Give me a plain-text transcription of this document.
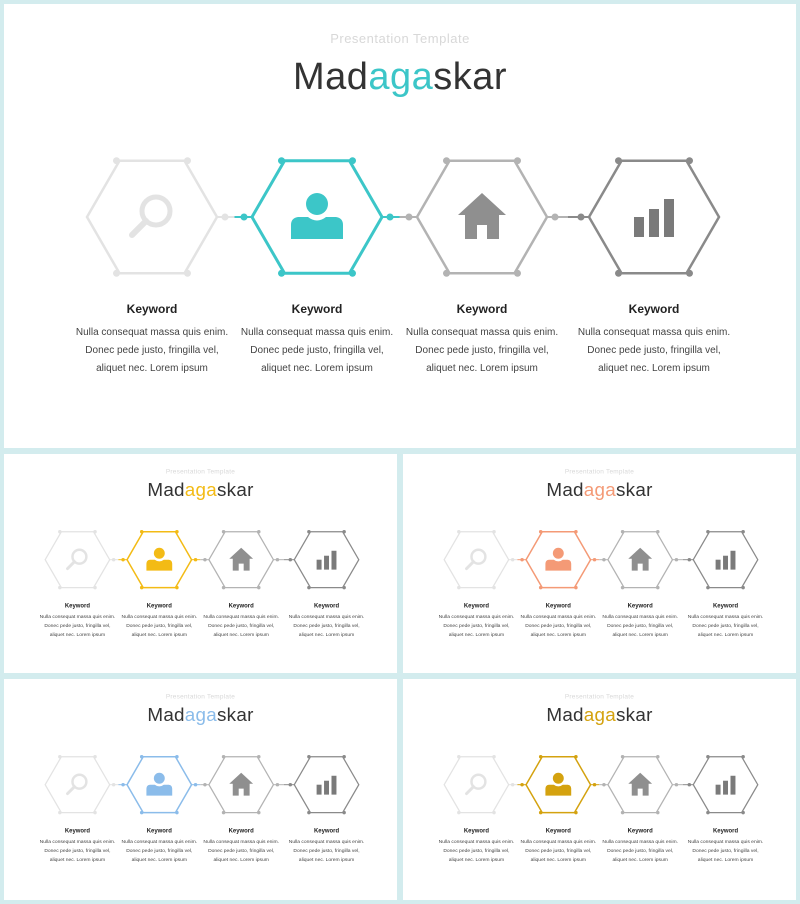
Presentation Template
Madagaskar
Keyword
Nulla consequat massa quis enim. Donec pede justo, fringilla vel, aliquet nec. Lorem ipsum
Keyword
Nulla consequat massa quis enim. Donec pede justo, fringilla vel, aliquet nec. Lorem ipsum
Keyword
Nulla consequat massa quis enim. Donec pede justo, fringilla vel, aliquet nec. Lorem ipsum
Keyword
Nulla consequat massa quis enim. Donec pede justo, fringilla vel, aliquet nec. Lorem ipsum
Presentation Template
Madagaskar
Keyword
Nulla consequat massa quis enim. Donec pede justo, fringilla vel, aliquet nec. Lorem ipsum
Keyword
Nulla consequat massa quis enim. Donec pede justo, fringilla vel, aliquet nec. Lorem ipsum
Keyword
Nulla consequat massa quis enim. Donec pede justo, fringilla vel, aliquet nec. Lorem ipsum
Keyword
Nulla consequat massa quis enim. Donec pede justo, fringilla vel, aliquet nec. Lorem ipsum
Presentation Template
Madagaskar
Keyword
Nulla consequat massa quis enim. Donec pede justo, fringilla vel, aliquet nec. Lorem ipsum
Keyword
Nulla consequat massa quis enim. Donec pede justo, fringilla vel, aliquet nec. Lorem ipsum
Keyword
Nulla consequat massa quis enim. Donec pede justo, fringilla vel, aliquet nec. Lorem ipsum
Keyword
Nulla consequat massa quis enim. Donec pede justo, fringilla vel, aliquet nec. Lorem ipsum
Presentation Template
Madagaskar
Keyword
Nulla consequat massa quis enim. Donec pede justo, fringilla vel, aliquet nec. Lorem ipsum
Keyword
Nulla consequat massa quis enim. Donec pede justo, fringilla vel, aliquet nec. Lorem ipsum
Keyword
Nulla consequat massa quis enim. Donec pede justo, fringilla vel, aliquet nec. Lorem ipsum
Keyword
Nulla consequat massa quis enim. Donec pede justo, fringilla vel, aliquet nec. Lorem ipsum
Presentation Template
Madagaskar
Keyword
Nulla consequat massa quis enim. Donec pede justo, fringilla vel, aliquet nec. Lorem ipsum
Keyword
Nulla consequat massa quis enim. Donec pede justo, fringilla vel, aliquet nec. Lorem ipsum
Keyword
Nulla consequat massa quis enim. Donec pede justo, fringilla vel, aliquet nec. Lorem ipsum
Keyword
Nulla consequat massa quis enim. Donec pede justo, fringilla vel, aliquet nec. Lorem ipsum
